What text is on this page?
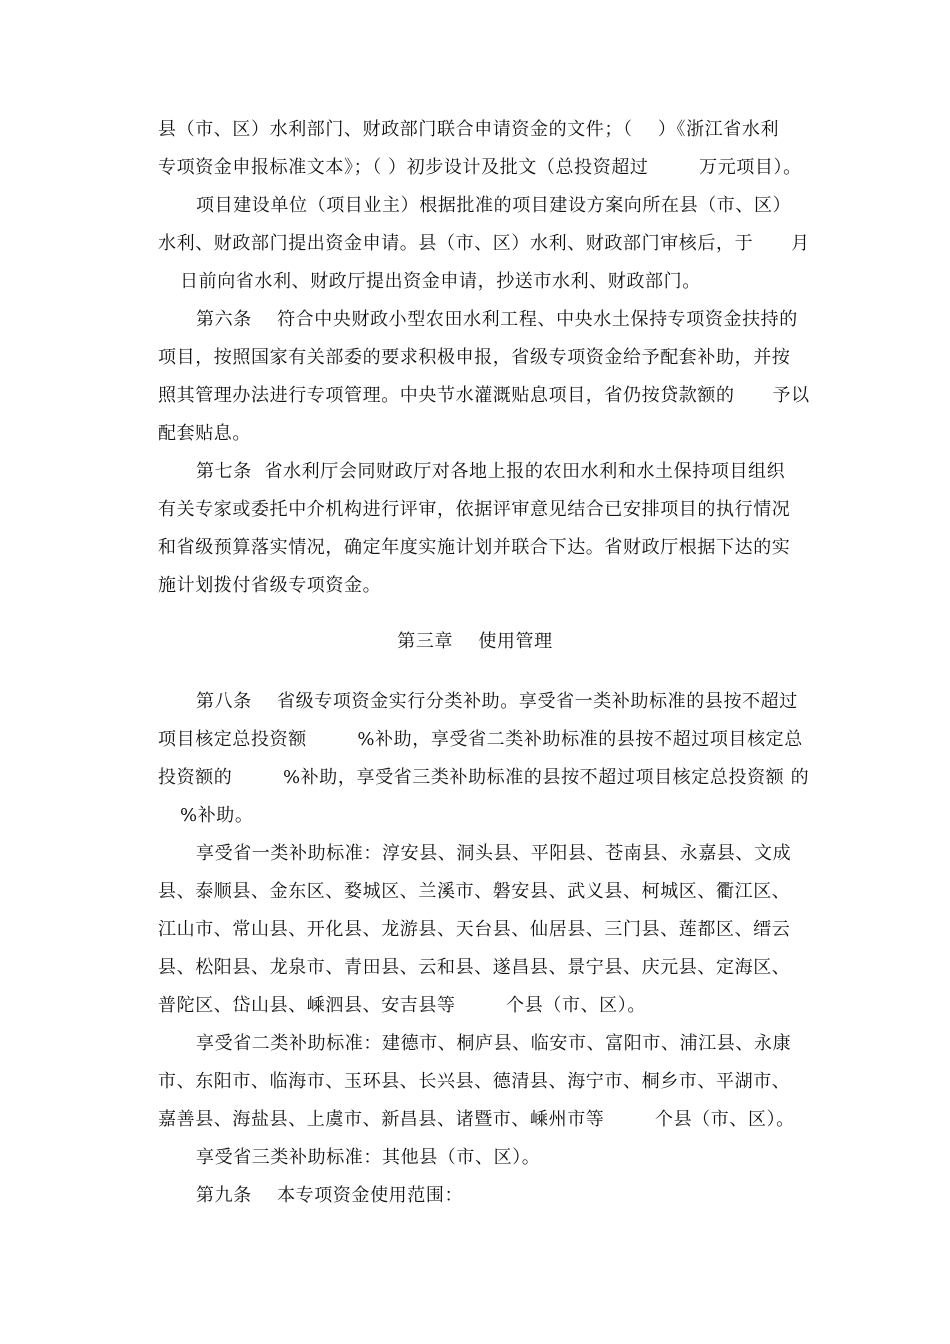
县（市、区）水利部门、财政部门联合申请资金的文件；（    ）《浙江省水利
专项资金申报标准文本》；（ ）初步设计及批文（总投资超过        万元项目）。
项目建设单位（项目业主）根据批准的项目建设方案向所在县（市、区）
水利、财政部门提出资金申请。县（市、区）水利、财政部门审核后，于      月
日前向省水利、财政厅提出资金申请，抄送市水利、财政部门。
第六条    符合中央财政小型农田水利工程、中央水土保持专项资金扶持的
项目，按照国家有关部委的要求积极申报，省级专项资金给予配套补助，并按
照其管理办法进行专项管理。中央节水灌溉贴息项目，省仍按贷款额的      予以
配套贴息。
第七条  省水利厅会同财政厅对各地上报的农田水利和水土保持项目组织
有关专家或委托中介机构进行评审，依据评审意见结合已安排项目的执行情况
和省级预算落实情况，确定年度实施计划并联合下达。省财政厅根据下达的实
施计划拨付省级专项资金。
第三章    使用管理
第八条    省级专项资金实行分类补助。享受省一类补助标准的县按不超过
项目核定总投资额        %补助，享受省二类补助标准的县按不超过项目核定总
投资额的        %补助，享受省三类补助标准的县按不超过项目核定总投资额 的
%补助。
享受省一类补助标准：淳安县、洞头县、平阳县、苍南县、永嘉县、文成
县、泰顺县、金东区、婺城区、兰溪市、磐安县、武义县、柯城区、衢江区、
江山市、常山县、开化县、龙游县、天台县、仙居县、三门县、莲都区、缙云
县、松阳县、龙泉市、青田县、云和县、遂昌县、景宁县、庆元县、定海区、
普陀区、岱山县、嵊泗县、安吉县等        个县（市、区）。
享受省二类补助标准：建德市、桐庐县、临安市、富阳市、浦江县、永康
市、东阳市、临海市、玉环县、长兴县、德清县、海宁市、桐乡市、平湖市、
嘉善县、海盐县、上虞市、新昌县、诸暨市、嵊州市等        个县（市、区）。
享受省三类补助标准：其他县（市、区）。
第九条    本专项资金使用范围：
